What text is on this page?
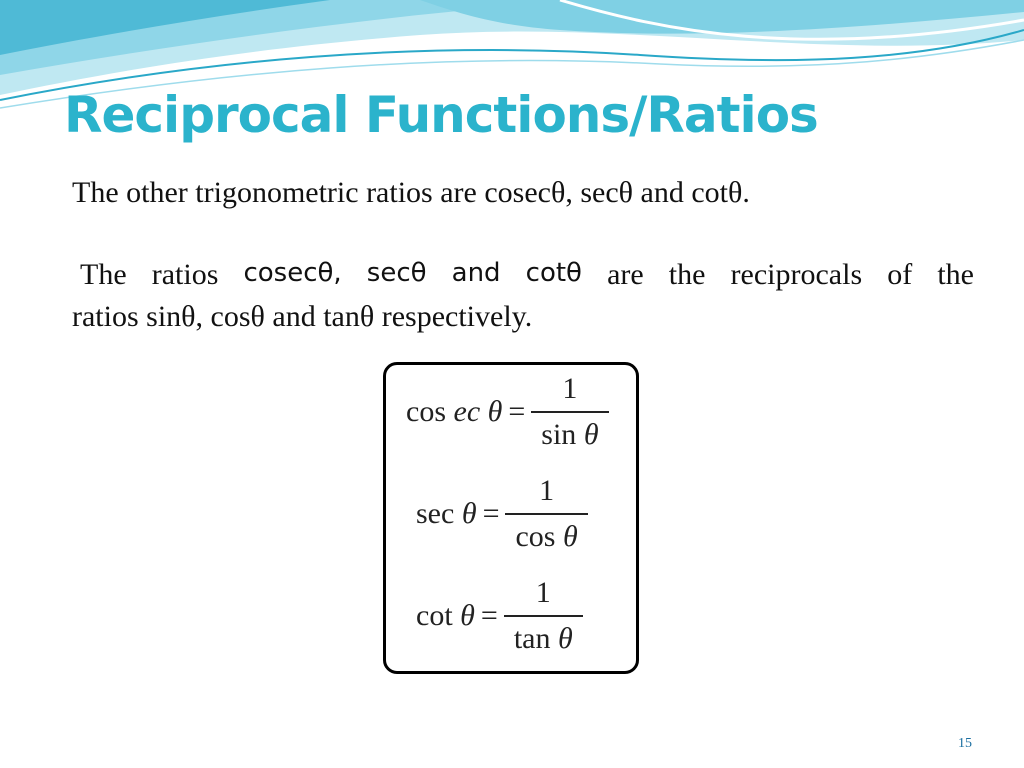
Reciprocal Functions/Ratios
The other trigonometric ratios are cosecθ, secθ and cotθ.
The ratios cosecθ, secθ and cotθ are the reciprocals of the
ratios sinθ, cosθ and tanθ respectively.
cos ec $\theta = \frac{1}{\text{sin θ}}$
$\sec \theta = \frac{1}{\text{cos θ}}$
$\cot \theta = \frac{1}{\text{tan θ}}$
15
